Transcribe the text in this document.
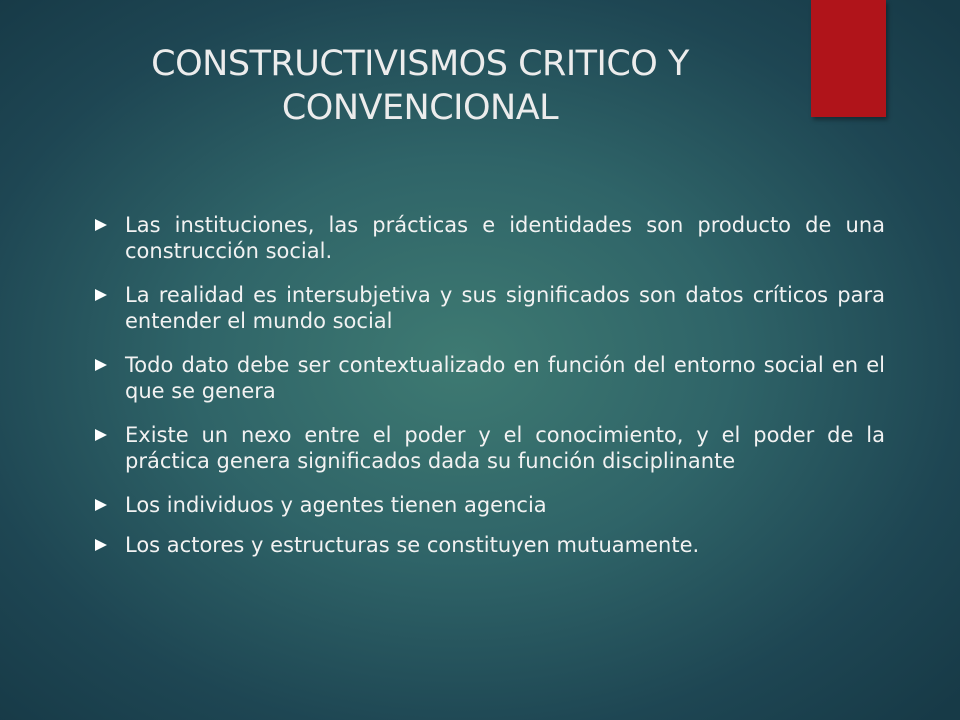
CONSTRUCTIVISMOS CRITICO Y CONVENCIONAL
Las instituciones, las prácticas e identidades son producto de una construcción social.
La realidad es intersubjetiva y sus significados son datos críticos para entender el mundo social
Todo dato debe ser contextualizado en función del entorno social en el que se genera
Existe un nexo entre el poder y el conocimiento, y el poder de la práctica genera significados dada su función disciplinante
Los individuos y agentes tienen agencia
Los actores y estructuras se constituyen mutuamente.
